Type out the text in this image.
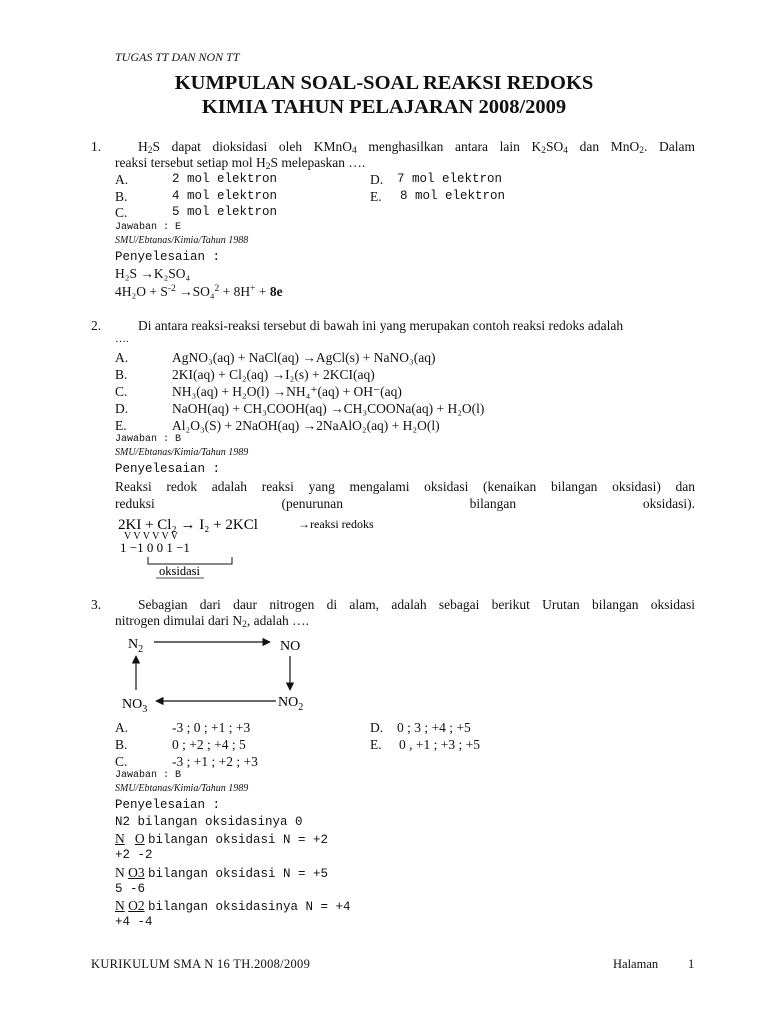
TUGAS TT DAN NON TT
KUMPULAN SOAL-SOAL REAKSI REDOKS
KIMIA TAHUN PELAJARAN 2008/2009
1.	$H_2S$ dapat dioksidasi oleh KMnO$_4$ menghasilkan antara lain $K_2SO_4$ dan MnO$_2$. Dalam
reaksi tersebut setiap mol $H_2S$ melepaskan ….
A.	2 mol elektron
B.	4 mol elektron
C.	5 mol elektron
D. 7 mol elektron
E. 8 mol elektron
Jawaban : E
SMU/Ebtanas/Kimia/Tahun 1988
Penyelesaian :
H₂S →K₂SO₄
$4H_2O + S^{-2} \to SO_4^2 + 8H^+ + 8e$
2.	Di antara reaksi-reaksi tersebut di bawah ini yang merupakan contoh reaksi redoks adalah
….
A.	AgNO₃(aq) + NaCl(aq) →AgCl(s) + NaNO₃(aq)
B.	2KI(aq) + Cl₂(aq) →I₂(s) + 2KCI(aq)
C.	NH₃(aq) + H₂O(l) →NH₄⁺(aq) + OH⁻(aq)
D.	NaOH(aq) + CH₃COOH(aq) →CH₃COONa(aq) + H₂O(l)
E.	Al₂O₃(S) + 2NaOH(aq) →2NaAlO₂(aq) + H₂O(l)
Jawaban : B
SMU/Ebtanas/Kimia/Tahun 1989
Penyelesaian :
Reaksi redok adalah reaksi yang mengalami oksidasi (kenaikan bilangan oksidasi) dan
reduksi (penurunan bilangan oksidasi).
2KI + Cl₂ → I₂ + 2KCl	→reaksi redoks
V V V V V V
1 −1 0 0 1 −1
oksidasi
3.	Sebagian dari daur nitrogen di alam, adalah sebagai berikut Urutan bilangan oksidasi
nitrogen dimulai dari $N_2$, adalah ….
$N_2$	NO
$NO_2$
$NO_3$
A.	-3 ; 0 ; +1 ; +3
B.	0 ; +2 ; +4 ; 5
C.	-3 ; +1 ; +2 ; +3
D. 0 ; 3 ; +4 ; +5
E. 0 , +1 ; +3 ; +5
Jawaban : B
SMU/Ebtanas/Kimia/Tahun 1989
Penyelesaian :
N2 bilangan oksidasinya 0
N O bilangan oksidasi N = +2
+2 -2
N O3 bilangan oksidasi N = +5
5 -6
N O2 bilangan oksidasinya N = +4
+4 -4
KURIKULUM SMA N 16 TH.2008/2009	Halaman 1
